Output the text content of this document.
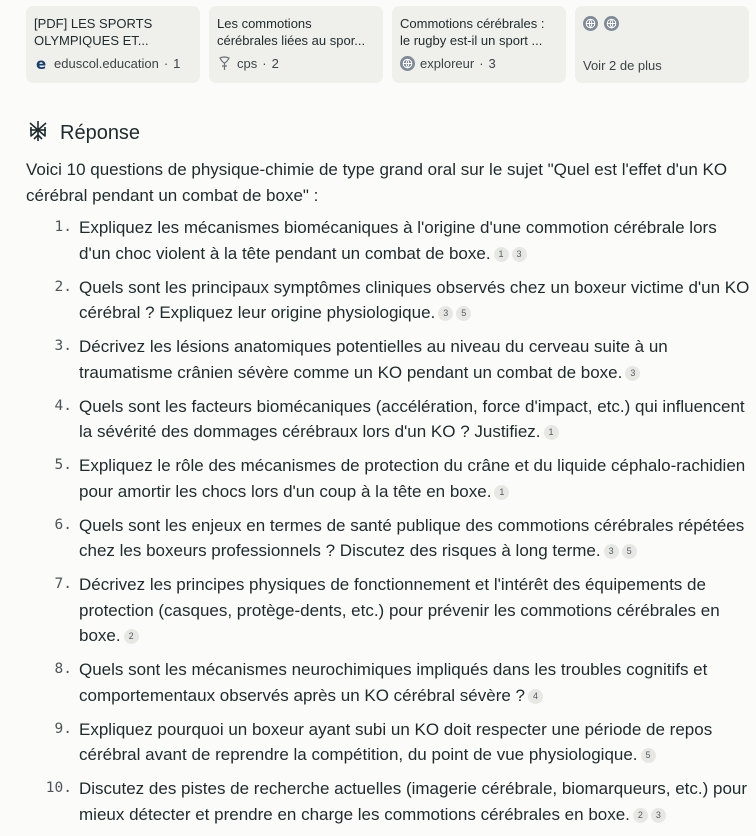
[PDF] LES SPORTS OLYMPIQUES ET...
e eduscol.education · 1
Les commotions cérébrales liées au spor...
cps · 2
Commotions cérébrales : le rugby est-il un sport ...
exploreur · 3	Voir 2 de plus
Réponse
Voici 10 questions de physique-chimie de type grand oral sur le sujet "Quel est l'effet d'un KO cérébral pendant un combat de boxe" :
1. Expliquez les mécanismes biomécaniques à l'origine d'une commotion cérébrale lors d'un choc violent à la tête pendant un combat de boxe. 1 3
2. Quels sont les principaux symptômes cliniques observés chez un boxeur victime d'un KO cérébral ? Expliquez leur origine physiologique. 3 5
3. Décrivez les lésions anatomiques potentielles au niveau du cerveau suite à un traumatisme crânien sévère comme un KO pendant un combat de boxe. 3
4. Quels sont les facteurs biomécaniques (accélération, force d'impact, etc.) qui influencent la sévérité des dommages cérébraux lors d'un KO ? Justifiez. 1
5. Expliquez le rôle des mécanismes de protection du crâne et du liquide céphalo-rachidien pour amortir les chocs lors d'un coup à la tête en boxe. 1
6. Quels sont les enjeux en termes de santé publique des commotions cérébrales répétées chez les boxeurs professionnels ? Discutez des risques à long terme. 3 5
7. Décrivez les principes physiques de fonctionnement et l'intérêt des équipements de protection (casques, protège-dents, etc.) pour prévenir les commotions cérébrales en boxe. 2
8. Quels sont les mécanismes neurochimiques impliqués dans les troubles cognitifs et comportementaux observés après un KO cérébral sévère ? 4
9. Expliquez pourquoi un boxeur ayant subi un KO doit respecter une période de repos cérébral avant de reprendre la compétition, du point de vue physiologique. 5
10. Discutez des pistes de recherche actuelles (imagerie cérébrale, biomarqueurs, etc.) pour mieux détecter et prendre en charge les commotions cérébrales en boxe. 2 3
